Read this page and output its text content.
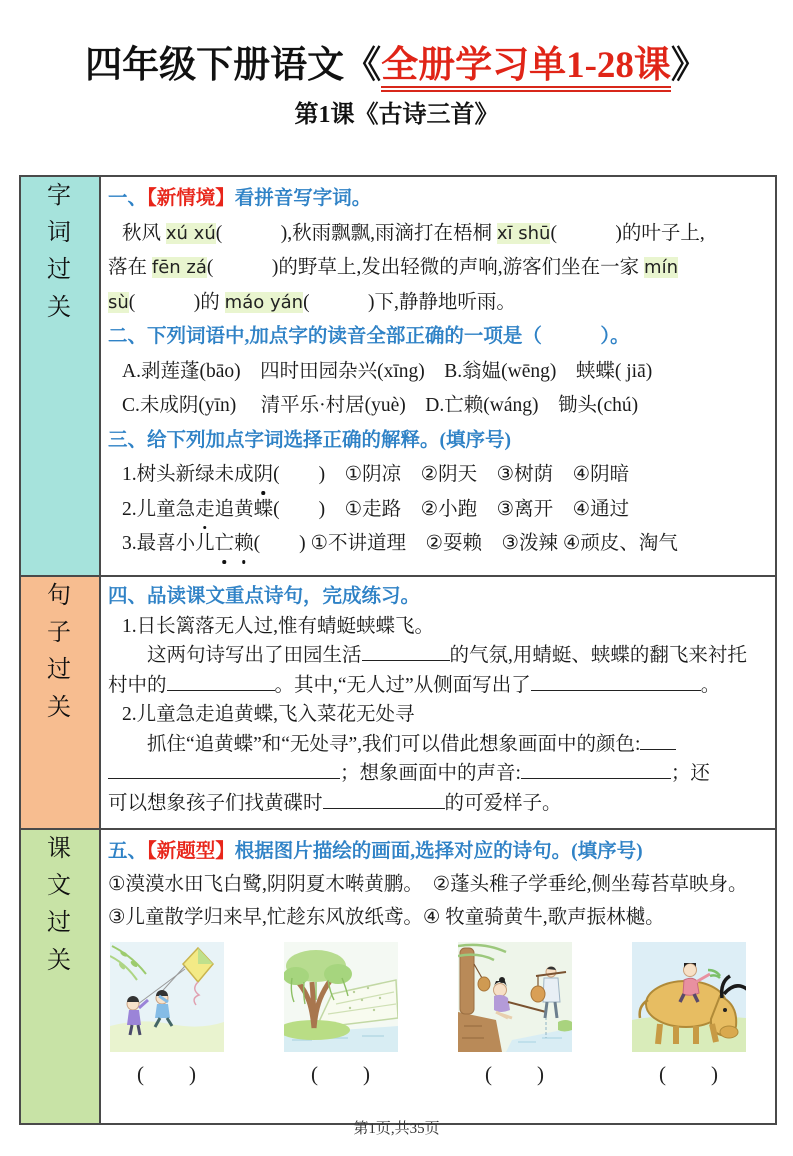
四年级下册语文《全册学习单1-28课》
第1课《古诗三首》
字词过关	
一、【新情境】看拼音写字词。
秋风 xú xú(　　　),秋雨飘飘,雨滴打在梧桐 xī shū(　　　)的叶子上,
落在 fēn zá(　　　)的野草上,发出轻微的声响,游客们坐在一家 mín
sù(　　　)的 máo yán(　　　)下,静静地听雨。
二、下列词语中,加点字的读音全部正确的一项是（　　　）。
A.剥莲蓬(bāo)　四时田园杂兴(xīng)　B.翁媪(wēng)　蛱蝶( jiā)
C.未成阴(yīn)　 清平乐·村居(yuè)　D.亡赖(wáng)　锄头(chú)
三、给下列加点字词选择正确的解释。(填序号)
1.树头新绿未成阴(　　)　①阴凉　②阴天　③树荫　④阴暗
2.儿童急走追黄蝶(　　)　①走路　②小跑　③离开　④通过
3.最喜小儿亡赖(　　) ①不讲道理　②耍赖　③泼辣 ④顽皮、淘气

句子过关	
四、品读课文重点诗句，完成练习。
1.日长篱落无人过,惟有蜻蜓蛱蝶飞。
　　这两句诗写出了田园生活	的气氛,用蜻蜓、蛱蝶的翻飞来衬托
村中的	。其中,“无人过”从侧面写出了	。
2.儿童急走追黄蝶,飞入菜花无处寻
　　抓住“追黄蝶”和“无处寻”,我们可以借此想象画面中的颜色:
；想象画面中的声音:	；还
可以想象孩子们找黄碟时	的可爱样子。

课文过关	
五、【新题型】根据图片描绘的画面,选择对应的诗句。(填序号)
①漠漠水田飞白鹭,阴阴夏木啭黄鹏。　②蓬头稚子学垂纶,侧坐莓苔草映身。
③儿童散学归来早,忙趁东风放纸鸢。④ 牧童骑黄牛,歌声振林樾。
(　　)	(　　)	(　　)	(　　)
第1页,共35页
